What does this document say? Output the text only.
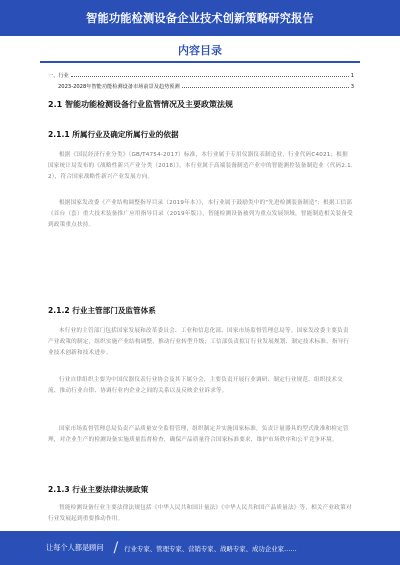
智能功能检测设备企业技术创新策略研究报告
内容目录
一、行业	1
2023-2028年智能功能检测设备市场前景及趋势预测	3
2.1 智能功能检测设备行业监管情况及主要政策法规
2.1.1 所属行业及确定所属行业的依据

根据《国民经济行业分类》（GB/T4754-2017）标准，本行业属于专用仪器仪表制造业，行业代码C4021；根据国家统计局发布的《战略性新兴产业分类（2018）》，本行业属于高端装备制造产业中的智能测控装备制造业（代码2.1.2），符合国家战略性新兴产业发展方向。

根据国家发改委《产业结构调整指导目录（2019年本）》，本行业属于鼓励类中的"先进检测装备制造"；根据工信部《首台（套）重大技术装备推广应用指导目录（2019年版）》，智能检测设备被列为重点发展领域，智能制造相关装备受到政策重点扶持。

2.1.2 行业主管部门及监管体系

本行业的主管部门包括国家发展和改革委员会、工业和信息化部、国家市场监督管理总局等。国家发改委主要负责产业政策的制定，组织实施产业结构调整，推动行业转型升级；工信部负责拟订行业发展规划、制定技术标准、指导行业技术创新和技术进步。

行业自律组织主要为中国仪器仪表行业协会及其下属分会，主要负责开展行业调研、制定行业规范、组织技术交流、推动行业自律、协调行业内企业之间的关系以及反映企业诉求等。

国家市场监督管理总局负责产品质量安全监督管理，组织制定并实施国家标准，负责计量器具的型式批准和检定管理，对企业生产的检测设备实施质量监督检查，确保产品质量符合国家标准要求，维护市场秩序和公平竞争环境。

2.1.3 行业主要法律法规政策

智能检测设备行业主要法律法规包括《中华人民共和国计量法》《中华人民共和国产品质量法》等，相关产业政策对行业发展起到重要推动作用。

让每个人都是顾问 / 行业专家、管理专家、营销专家、战略专家、成功企业家……
